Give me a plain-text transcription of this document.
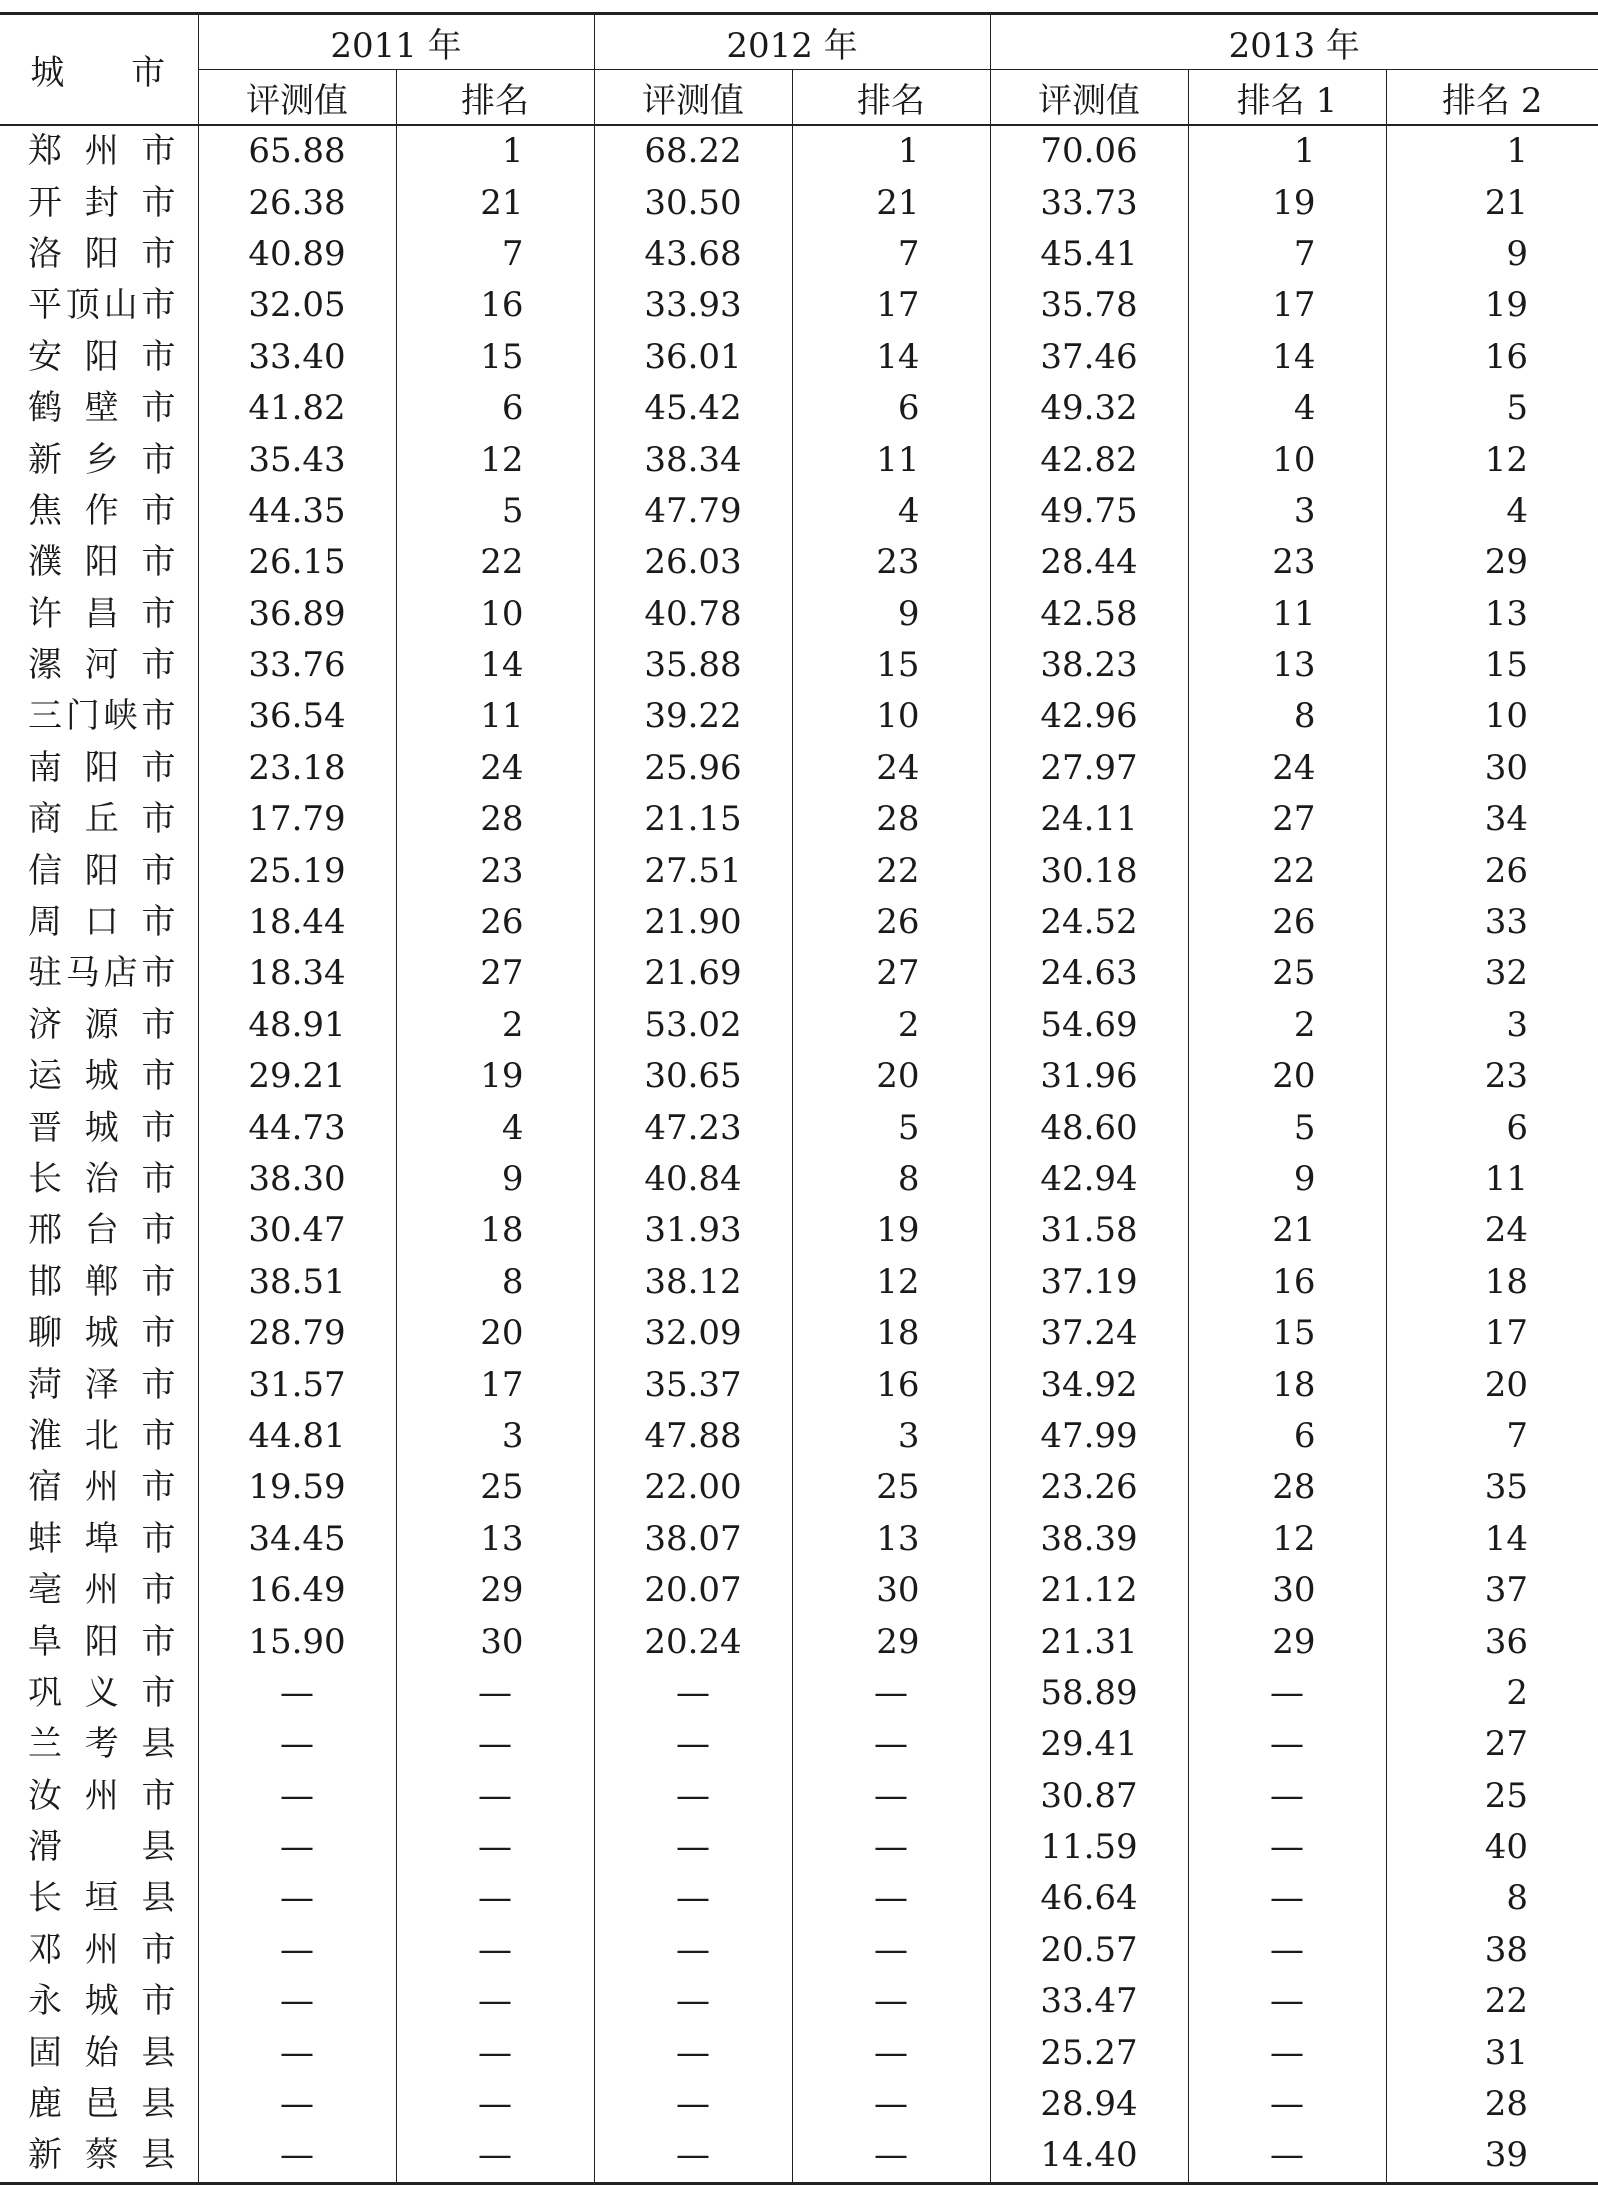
城 市	2011 年		2012 年		2013 年		
	评测值	排名	评测值	排名	评测值	排名 1	排名 2
郑州市	65.88	1	68.22	1	70.06	1	1
开封市	26.38	21	30.50	21	33.73	19	21
洛阳市	40.89	7	43.68	7	45.41	7	9
平顶山市	32.05	16	33.93	17	35.78	17	19
安阳市	33.40	15	36.01	14	37.46	14	16
鹤壁市	41.82	6	45.42	6	49.32	4	5
新乡市	35.43	12	38.34	11	42.82	10	12
焦作市	44.35	5	47.79	4	49.75	3	4
濮阳市	26.15	22	26.03	23	28.44	23	29
许昌市	36.89	10	40.78	9	42.58	11	13
漯河市	33.76	14	35.88	15	38.23	13	15
三门峡市	36.54	11	39.22	10	42.96	8	10
南阳市	23.18	24	25.96	24	27.97	24	30
商丘市	17.79	28	21.15	28	24.11	27	34
信阳市	25.19	23	27.51	22	30.18	22	26
周口市	18.44	26	21.90	26	24.52	26	33
驻马店市	18.34	27	21.69	27	24.63	25	32
济源市	48.91	2	53.02	2	54.69	2	3
运城市	29.21	19	30.65	20	31.96	20	23
晋城市	44.73	4	47.23	5	48.60	5	6
长治市	38.30	9	40.84	8	42.94	9	11
邢台市	30.47	18	31.93	19	31.58	21	24
邯郸市	38.51	8	38.12	12	37.19	16	18
聊城市	28.79	20	32.09	18	37.24	15	17
菏泽市	31.57	17	35.37	16	34.92	18	20
淮北市	44.81	3	47.88	3	47.99	6	7
宿州市	19.59	25	22.00	25	23.26	28	35
蚌埠市	34.45	13	38.07	13	38.39	12	14
亳州市	16.49	29	20.07	30	21.12	30	37
阜阳市	15.90	30	20.24	29	21.31	29	36
巩义市	—	—	—	—	58.89	—	2
兰考县	—	—	—	—	29.41	—	27
汝州市	—	—	—	—	30.87	—	25
滑县	—	—	—	—	11.59	—	40
长垣县	—	—	—	—	46.64	—	8
邓州市	—	—	—	—	20.57	—	38
永城市	—	—	—	—	33.47	—	22
固始县	—	—	—	—	25.27	—	31
鹿邑县	—	—	—	—	28.94	—	28
新蔡县	—	—	—	—	14.40	—	39
